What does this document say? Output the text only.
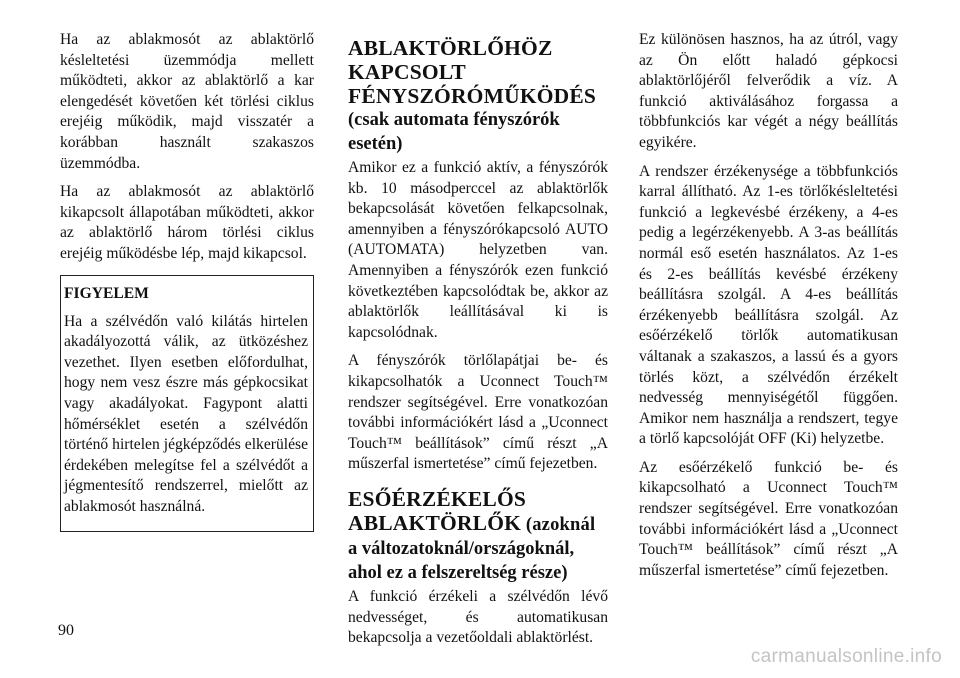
Ha az ablakmosót az ablaktörlő késleltetési üzemmódja mellett működteti, akkor az ablaktörlő a kar elengedését követően két törlési ciklus erejéig működik, majd visszatér a korábban használt szakaszos üzemmódba.

Ha az ablakmosót az ablaktörlő kikapcsolt állapotában működteti, akkor az ablaktörlő három törlési ciklus erejéig működésbe lép, majd kikapcsol.

FIGYELEM

Ha a szélvédőn való kilátás hirtelen akadályozottá válik, az ütközéshez vezethet. Ilyen esetben előfordulhat, hogy nem vesz észre más gépkocsikat vagy akadályokat. Fagypont alatti hőmérséklet esetén a szélvédőn történő hirtelen jégképződés elkerülése érdekében melegítse fel a szélvédőt a jégmentesítő rendszerrel, mielőtt az ablakmosót használná.

ABLAKTÖRLŐHÖZ KAPCSOLT FÉNYSZÓRÓMŰKÖDÉS
(csak automata fényszórók esetén)

Amikor ez a funkció aktív, a fényszórók kb. 10 másodperccel az ablaktörlők bekapcsolását követően felkapcsolnak, amennyiben a fényszórókapcsoló AUTO (AUTOMATA) helyzetben van. Amennyiben a fényszórók ezen funkció következtében kapcsolódtak be, akkor az ablaktörlők leállításával ki is kapcsolódnak.

A fényszórók törlőlapátjai be- és kikapcsolhatók a Uconnect Touch™ rendszer segítségével. Erre vonatkozóan további információkért lásd a „Uconnect Touch™ beállítások” című részt „A műszerfal ismertetése” című fejezetben.

ESŐÉRZÉKELŐS ABLAKTÖRLŐK (azoknál
a változatoknál/országoknál, ahol ez a felszereltség része)

A funkció érzékeli a szélvédőn lévő nedvességet, és automatikusan bekapcsolja a vezetőoldali ablaktörlést.

Ez különösen hasznos, ha az útról, vagy az Ön előtt haladó gépkocsi ablaktörlőjéről felverődik a víz. A funkció aktiválásához forgassa a többfunkciós kar végét a négy beállítás egyikére.

A rendszer érzékenysége a többfunkciós karral állítható. Az 1-es törlőkésleltetési funkció a legkevésbé érzékeny, a 4-es pedig a legérzékenyebb. A 3-as beállítás normál eső esetén használatos. Az 1-es és 2-es beállítás kevésbé érzékeny beállításra szolgál. A 4-es beállítás érzékenyebb beállításra szolgál. Az esőérzékelő törlők automatikusan váltanak a szakaszos, a lassú és a gyors törlés közt, a szélvédőn érzékelt nedvesség mennyiségétől függően. Amikor nem használja a rendszert, tegye a törlő kapcsolóját OFF (Ki) helyzetbe.

Az esőérzékelő funkció be- és kikapcsolható a Uconnect Touch™ rendszer segítségével. Erre vonatkozóan további információkért lásd a „Uconnect Touch™ beállítások” című részt „A műszerfal ismertetése” című fejezetben.

90
carmanualsonline.info
